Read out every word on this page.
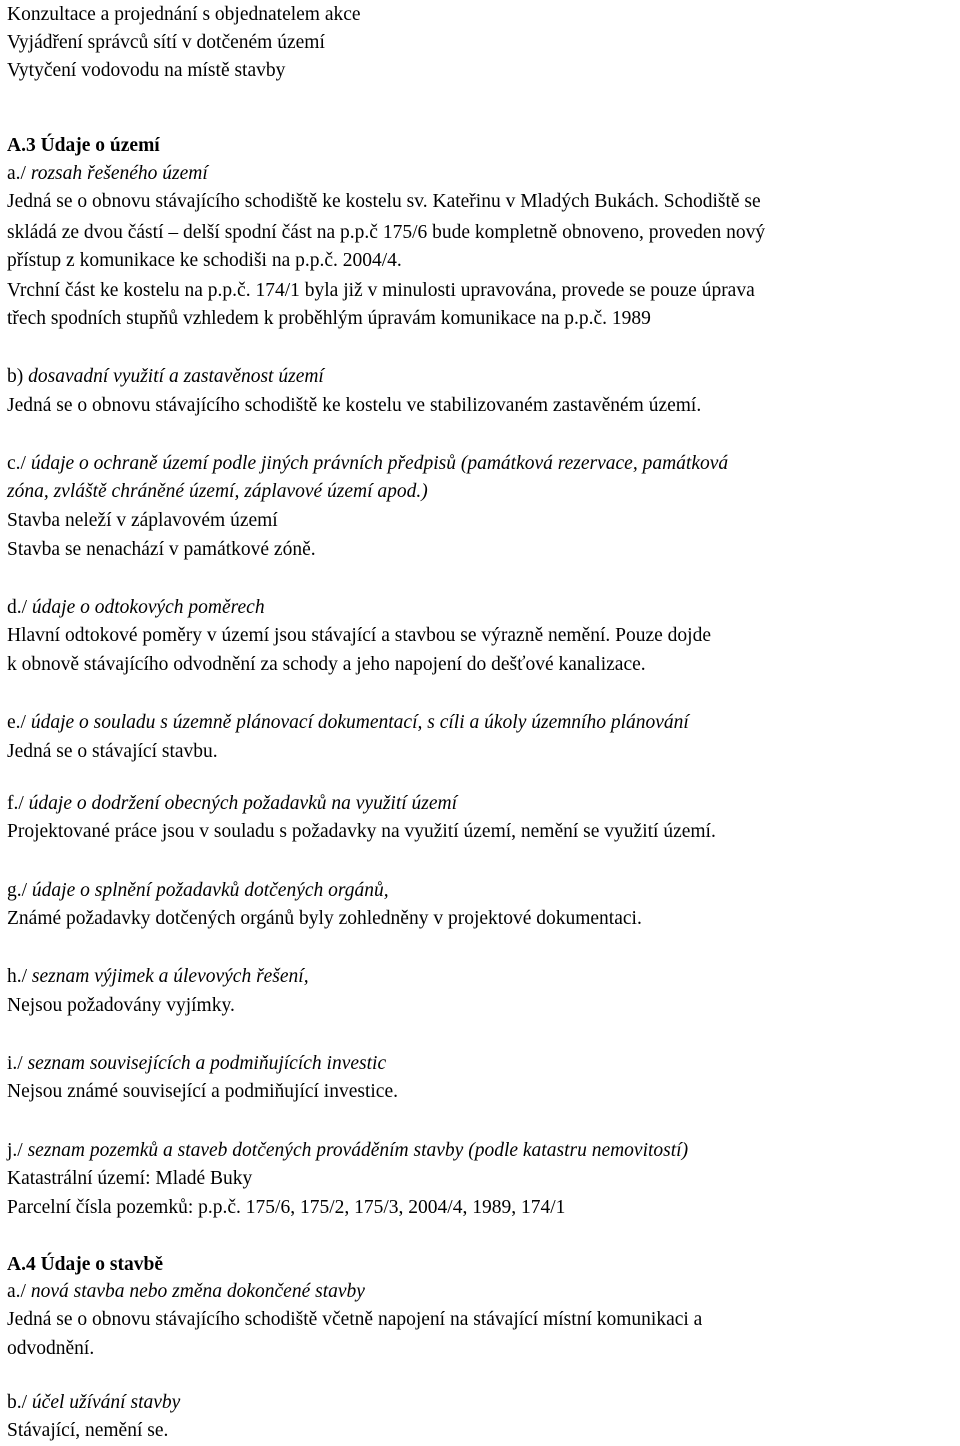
Konzultace a projednání s objednatelem akce
Vyjádření správců sítí v dotčeném území
Vytyčení vodovodu na místě stavby
A.3 Údaje o území
a./ rozsah řešeného území
Jedná se o obnovu stávajícího schodiště ke kostelu sv. Kateřinu v Mladých Bukách. Schodiště se
skládá ze dvou částí – delší spodní část na p.p.č 175/6 bude kompletně obnoveno, proveden nový
přístup z komunikace ke schodiši na p.p.č. 2004/4.
Vrchní část ke kostelu na p.p.č. 174/1 byla již v minulosti upravována, provede se pouze úprava
třech spodních stupňů vzhledem k proběhlým úpravám komunikace na p.p.č. 1989
b) dosavadní využití a zastavěnost území
Jedná se o obnovu stávajícího schodiště ke kostelu ve stabilizovaném zastavěném území.
c./ údaje o ochraně území podle jiných právních předpisů (památková rezervace, památková
zóna, zvláště chráněné území, záplavové území apod.)
Stavba neleží v záplavovém území
Stavba se nenachází v památkové zóně.
d./ údaje o odtokových poměrech
Hlavní odtokové poměry v území jsou stávající a stavbou se výrazně nemění. Pouze dojde
k obnově stávajícího odvodnění za schody a jeho napojení do dešťové kanalizace.
e./ údaje o souladu s územně plánovací dokumentací, s cíli a úkoly územního plánování
Jedná se o stávající stavbu.
f./ údaje o dodržení obecných požadavků na využití území
Projektované práce jsou v souladu s požadavky na využití území, nemění se využití území.
g./ údaje o splnění požadavků dotčených orgánů,
Známé požadavky dotčených orgánů byly zohledněny v projektové dokumentaci.
h./ seznam výjimek a úlevových řešení,
Nejsou požadovány vyjímky.
i./ seznam souvisejících a podmiňujících investic
Nejsou známé související a podmiňující investice.
j./ seznam pozemků a staveb dotčených prováděním stavby (podle katastru nemovitostí)
Katastrální území: Mladé Buky
Parcelní čísla pozemků: p.p.č. 175/6, 175/2, 175/3, 2004/4, 1989, 174/1
A.4 Údaje o stavbě
a./ nová stavba nebo změna dokončené stavby
Jedná se o obnovu stávajícího schodiště včetně napojení na stávající místní komunikaci a
odvodnění.
b./ účel užívání stavby
Stávající, nemění se.
